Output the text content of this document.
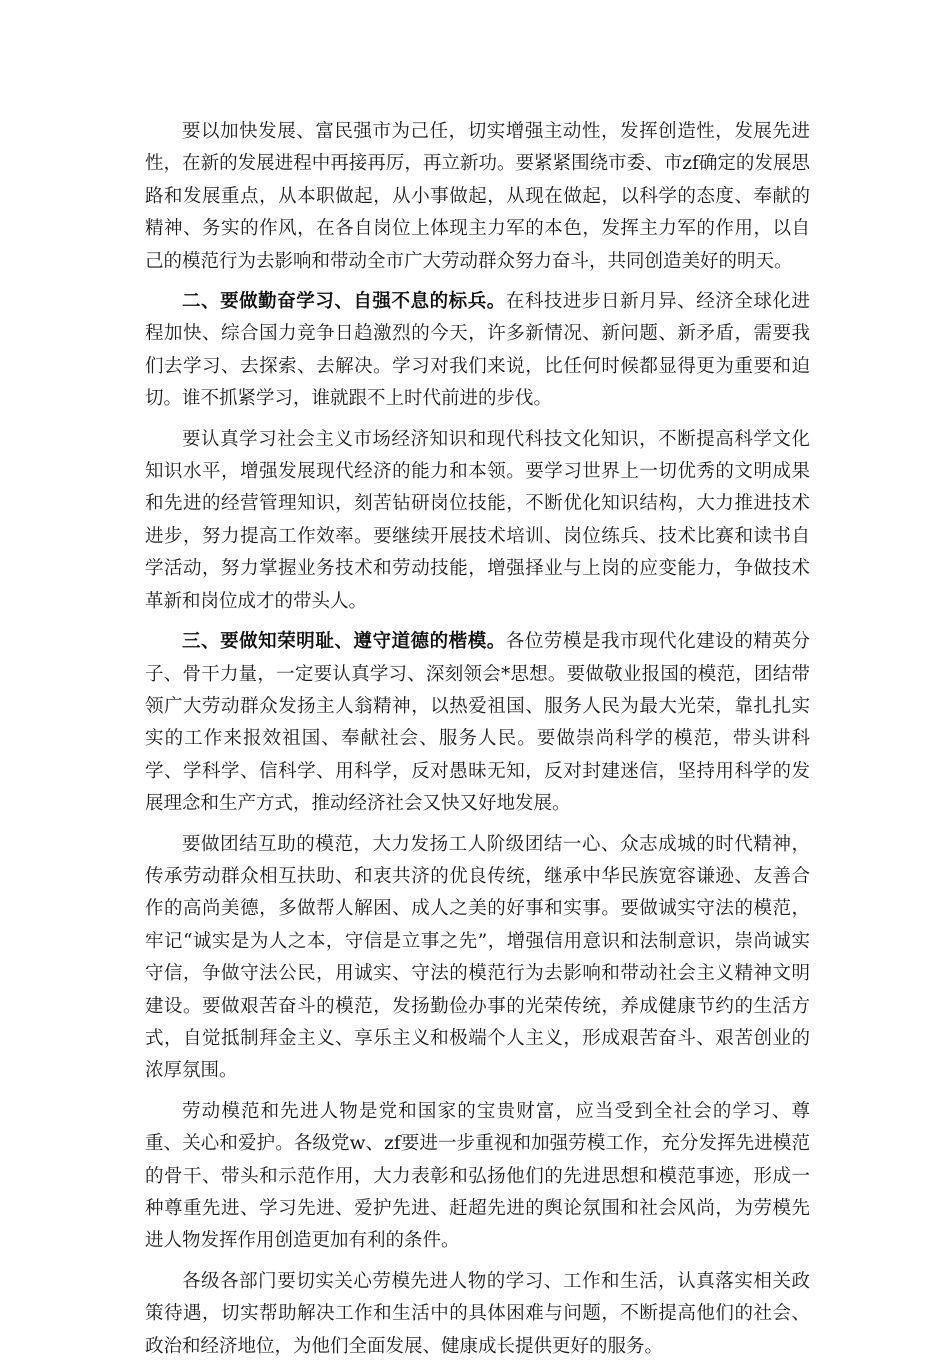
要以加快发展、富民强市为己任，切实增强主动性，发挥创造性，发展先进性，在新的发展进程中再接再厉，再立新功。要紧紧围绕市委、市zf确定的发展思路和发展重点，从本职做起，从小事做起，从现在做起，以科学的态度、奉献的精神、务实的作风，在各自岗位上体现主力军的本色，发挥主力军的作用，以自己的模范行为去影响和带动全市广大劳动群众努力奋斗，共同创造美好的明天。

二、要做勤奋学习、自强不息的标兵。在科技进步日新月异、经济全球化进程加快、综合国力竞争日趋激烈的今天，许多新情况、新问题、新矛盾，需要我们去学习、去探索、去解决。学习对我们来说，比任何时候都显得更为重要和迫切。谁不抓紧学习，谁就跟不上时代前进的步伐。

要认真学习社会主义市场经济知识和现代科技文化知识，不断提高科学文化知识水平，增强发展现代经济的能力和本领。要学习世界上一切优秀的文明成果和先进的经营管理知识，刻苦钻研岗位技能，不断优化知识结构，大力推进技术进步，努力提高工作效率。要继续开展技术培训、岗位练兵、技术比赛和读书自学活动，努力掌握业务技术和劳动技能，增强择业与上岗的应变能力，争做技术革新和岗位成才的带头人。

三、要做知荣明耻、遵守道德的楷模。各位劳模是我市现代化建设的精英分子、骨干力量，一定要认真学习、深刻领会*思想。要做敬业报国的模范，团结带领广大劳动群众发扬主人翁精神，以热爱祖国、服务人民为最大光荣，靠扎扎实实的工作来报效祖国、奉献社会、服务人民。要做崇尚科学的模范，带头讲科学、学科学、信科学、用科学，反对愚昧无知，反对封建迷信，坚持用科学的发展理念和生产方式，推动经济社会又快又好地发展。

要做团结互助的模范，大力发扬工人阶级团结一心、众志成城的时代精神，传承劳动群众相互扶助、和衷共济的优良传统，继承中华民族宽容谦逊、友善合作的高尚美德，多做帮人解困、成人之美的好事和实事。要做诚实守法的模范，牢记“诚实是为人之本，守信是立事之先”，增强信用意识和法制意识，崇尚诚实守信，争做守法公民，用诚实、守法的模范行为去影响和带动社会主义精神文明建设。要做艰苦奋斗的模范，发扬勤俭办事的光荣传统，养成健康节约的生活方式，自觉抵制拜金主义、享乐主义和极端个人主义，形成艰苦奋斗、艰苦创业的浓厚氛围。

劳动模范和先进人物是党和国家的宝贵财富，应当受到全社会的学习、尊重、关心和爱护。各级党w、zf要进一步重视和加强劳模工作，充分发挥先进模范的骨干、带头和示范作用，大力表彰和弘扬他们的先进思想和模范事迹，形成一种尊重先进、学习先进、爱护先进、赶超先进的舆论氛围和社会风尚，为劳模先进人物发挥作用创造更加有利的条件。

各级各部门要切实关心劳模先进人物的学习、工作和生活，认真落实相关政策待遇，切实帮助解决工作和生活中的具体困难与问题，不断提高他们的社会、政治和经济地位，为他们全面发展、健康成长提供更好的服务。
